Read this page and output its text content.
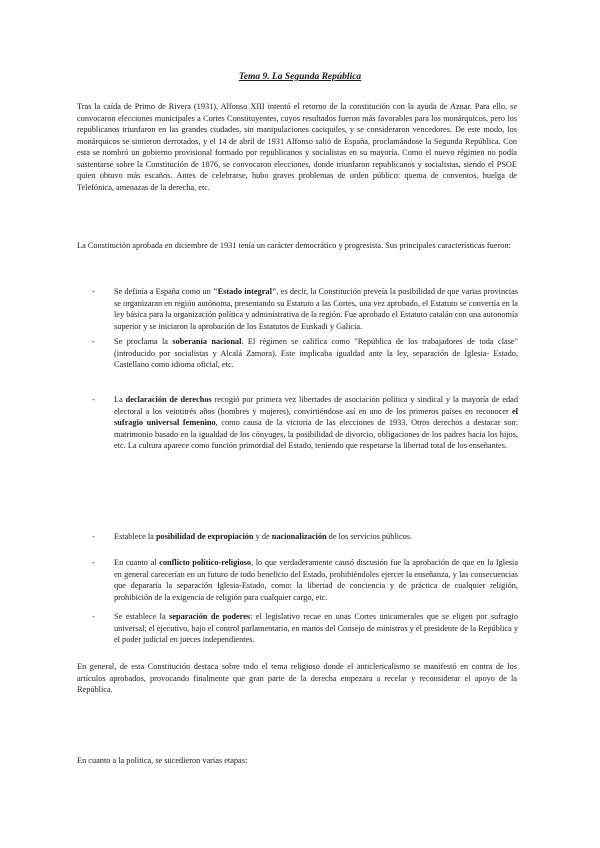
Tema 9. La Segunda República

Tras la caída de Primo de Rivera (1931), Alfonso XIII intentó el retorno de la constitución con la ayuda de Aznar. Para ello, se convocaron elecciones municipales a Cortes Constituyentes, cuyos resultados fueron más favorables para los monárquicos, pero los republicanos triunfaron en las grandes ciudades, sin manipulaciones caciquiles, y se consideraron vencedores. De este modo, los monárquicos se sintieron derrotados, y el 14 de abril de 1931 Alfonso salió de España, proclamándose la Segunda República. Con esta se nombró un gobierno provisional formado por republicanos y socialistas en su mayoría. Como el nuevo régimen no podía sustentarse sobre la Constitución de 1876, se convocaron elecciones, donde triunfaron republicanos y socialistas, siendo el PSOE quien obtuvo más escaños. Antes de celebrarse, hubo graves problemas de orden público: quema de conventos, huelga de Telefónica, amenazas de la derecha, etc.

La Constitución aprobada en diciembre de 1931 tenía un carácter democrático y progresista. Sus principales características fueron:

- Se definía a España como un "Estado integral", es decir, la Constitución preveía la posibilidad de que varias provincias se organizaran en región autónoma, presentando su Estatuto a las Cortes, una vez aprobado, el Estatuto se convertía en la ley básica para la organización política y administrativa de la región. Fue aprobado el Estatuto catalán con una autonomía superior y se iniciaron la aprobación de los Estatutos de Euskadi y Galicia.
- Se proclama la soberanía nacional. El régimen se califica como "República de los trabajadores de toda clase" (introducido por socialistas y Alcalá Zamora). Este implicaba igualdad ante la ley, separación de Iglesia- Estado, Castellano como idioma oficial, etc.
- La declaración de derechos recogió por primera vez libertades de asociación política y sindical y la mayoría de edad electoral a los veintitrés años (hombres y mujeres), convirtiéndose así en uno de los primeros países en reconocer el sufragio universal femenino, como causa de la victoria de las elecciones de 1933. Otros derechos a destacar son: matrimonio basado en la igualdad de los cónyuges, la posibilidad de divorcio, obligaciones de los padres hacia los hijos, etc. La cultura aparece como función primordial del Estado, teniendo que respetarse la libertad total de los enseñantes.
- Establece la posibilidad de expropiación y de nacionalización de los servicios públicos.
- En cuanto al conflicto político-religioso, lo que verdaderamente causó discusión fue la aprobación de que en la Iglesia en general carecerían en un futuro de todo beneficio del Estado, prohibiéndoles ejercer la enseñanza, y las consecuencias que depararía la separación Iglesia-Estado, como: la libertad de conciencia y de práctica de cualquier religión, prohibición de la exigencia de religión para cualquier cargo, etc.
- Se establece la separación de poderes: el legislativo recae en unas Cortes unicamerales que se eligen por sufragio universal; el ejecutivo, bajo el control parlamentario, en manos del Consejo de ministros y el presidente de la República y el poder judicial en jueces independientes.

En general, de esta Constitución destaca sobre todo el tema religioso donde el anticlericalismo se manifestó en contra de los artículos aprobados, provocando finalmente que gran parte de la derecha empezara a recelar y reconsiderar el apoyo de la República.

En cuanto a la política, se sucedieron varias etapas:
